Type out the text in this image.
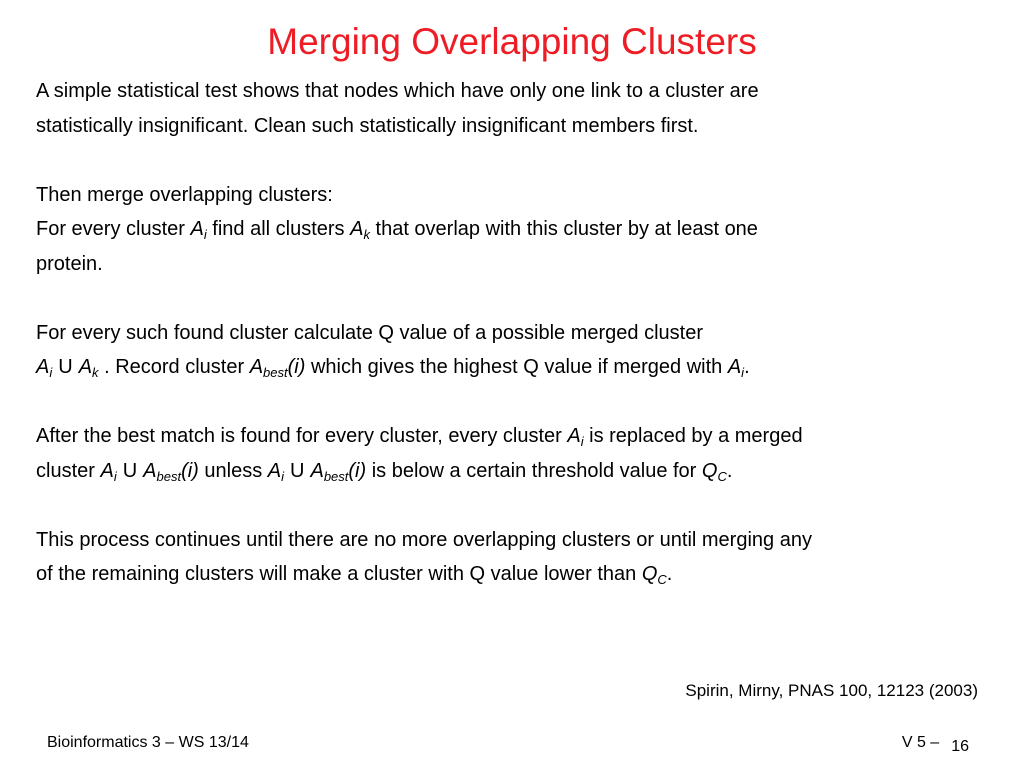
Merging Overlapping Clusters

A simple statistical test shows that nodes which have only one link to a cluster are
statistically insignificant. Clean such statistically insignificant members first.

Then merge overlapping clusters:
For every cluster $A_i$ find all clusters $A_k$ that overlap with this cluster by at least one
protein.

For every such found cluster calculate Q value of a possible merged cluster
$A_i$ U $A_k$ . Record cluster $A_{best}(i)$ which gives the highest Q value if merged with $A_i$.

After the best match is found for every cluster, every cluster $A_i$ is replaced by a merged
cluster $A_i$ U $A_{best}(i)$ unless $A_i$ U $A_{best}(i)$ is below a certain threshold value for $Q_C$.

This process continues until there are no more overlapping clusters or until merging any
of the remaining clusters will make a cluster with Q value lower than $Q_C$.

Spirin, Mirny, PNAS 100, 12123 (2003)
Bioinformatics 3 – WS 13/14	V 5 – 16
